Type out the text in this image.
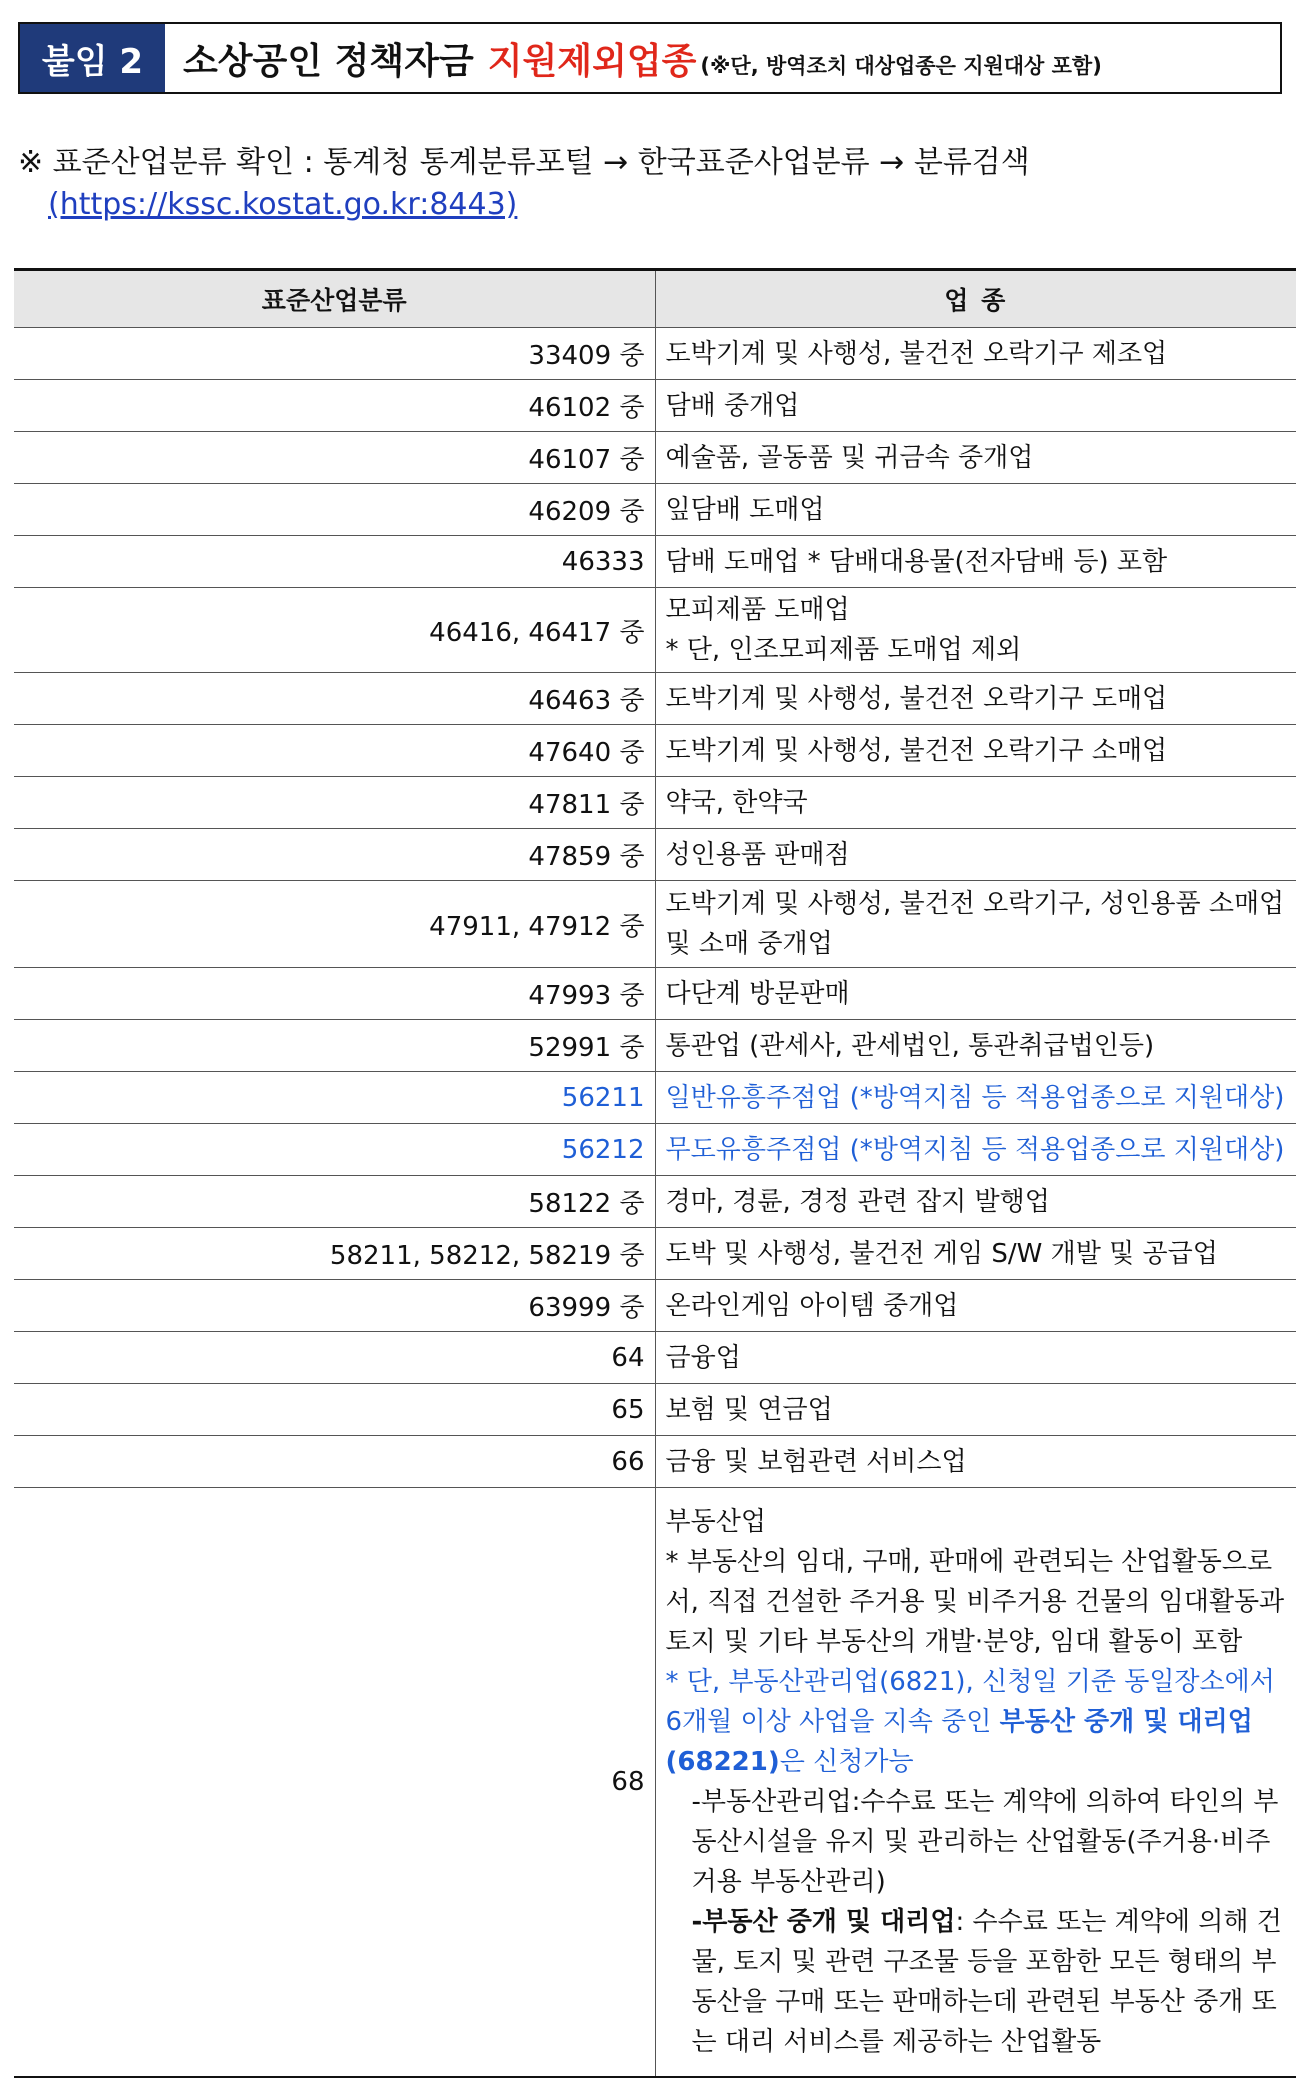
붙임 2	소상공인 정책자금 지원제외업종 (※단, 방역조치 대상업종은 지원대상 포함)
※ 표준산업분류 확인 : 통계청 통계분류포털 → 한국표준사업분류 → 분류검색
(https://kssc.kostat.go.kr:8443)
표준산업분류	업 종
33409 중	도박기계 및 사행성, 불건전 오락기구 제조업
46102 중	담배 중개업
46107 중	예술품, 골동품 및 귀금속 중개업
46209 중	잎담배 도매업
46333	담배 도매업 * 담배대용물(전자담배 등) 포함
46416, 46417 중	모피제품 도매업
* 단, 인조모피제품 도매업 제외

46463 중	도박기계 및 사행성, 불건전 오락기구 도매업
47640 중	도박기계 및 사행성, 불건전 오락기구 소매업
47811 중	약국, 한약국
47859 중	성인용품 판매점
47911, 47912 중	도박기계 및 사행성, 불건전 오락기구, 성인용품 소매업 및 소매 중개업
47993 중	다단계 방문판매
52991 중	통관업 (관세사, 관세법인, 통관취급법인등)
56211	일반유흥주점업 (*방역지침 등 적용업종으로 지원대상)
56212	무도유흥주점업 (*방역지침 등 적용업종으로 지원대상)
58122 중	경마, 경륜, 경정 관련 잡지 발행업
58211, 58212, 58219 중	도박 및 사행성, 불건전 게임 S/W 개발 및 공급업
63999 중	온라인게임 아이템 중개업
64	금융업
65	보험 및 연금업
66	금융 및 보험관련 서비스업
68	부동산업
* 부동산의 임대, 구매, 판매에 관련되는 산업활동으로서, 직접 건설한 주거용 및 비주거용 건물의 임대활동과 토지 및 기타 부동산의 개발·분양, 임대 활동이 포함
* 단, 부동산관리업(6821), 신청일 기준 동일장소에서 6개월 이상 사업을 지속 중인 부동산 중개 및 대리업(68221)은 신청가능
-부동산관리업:수수료 또는 계약에 의하여 타인의 부동산시설을 유지 및 관리하는 산업활동(주거용·비주거용 부동산관리)
-부동산 중개 및 대리업: 수수료 또는 계약에 의해 건물, 토지 및 관련 구조물 등을 포함한 모든 형태의 부동산을 구매 또는 판매하는데 관련된 부동산 중개 또는 대리 서비스를 제공하는 산업활동
